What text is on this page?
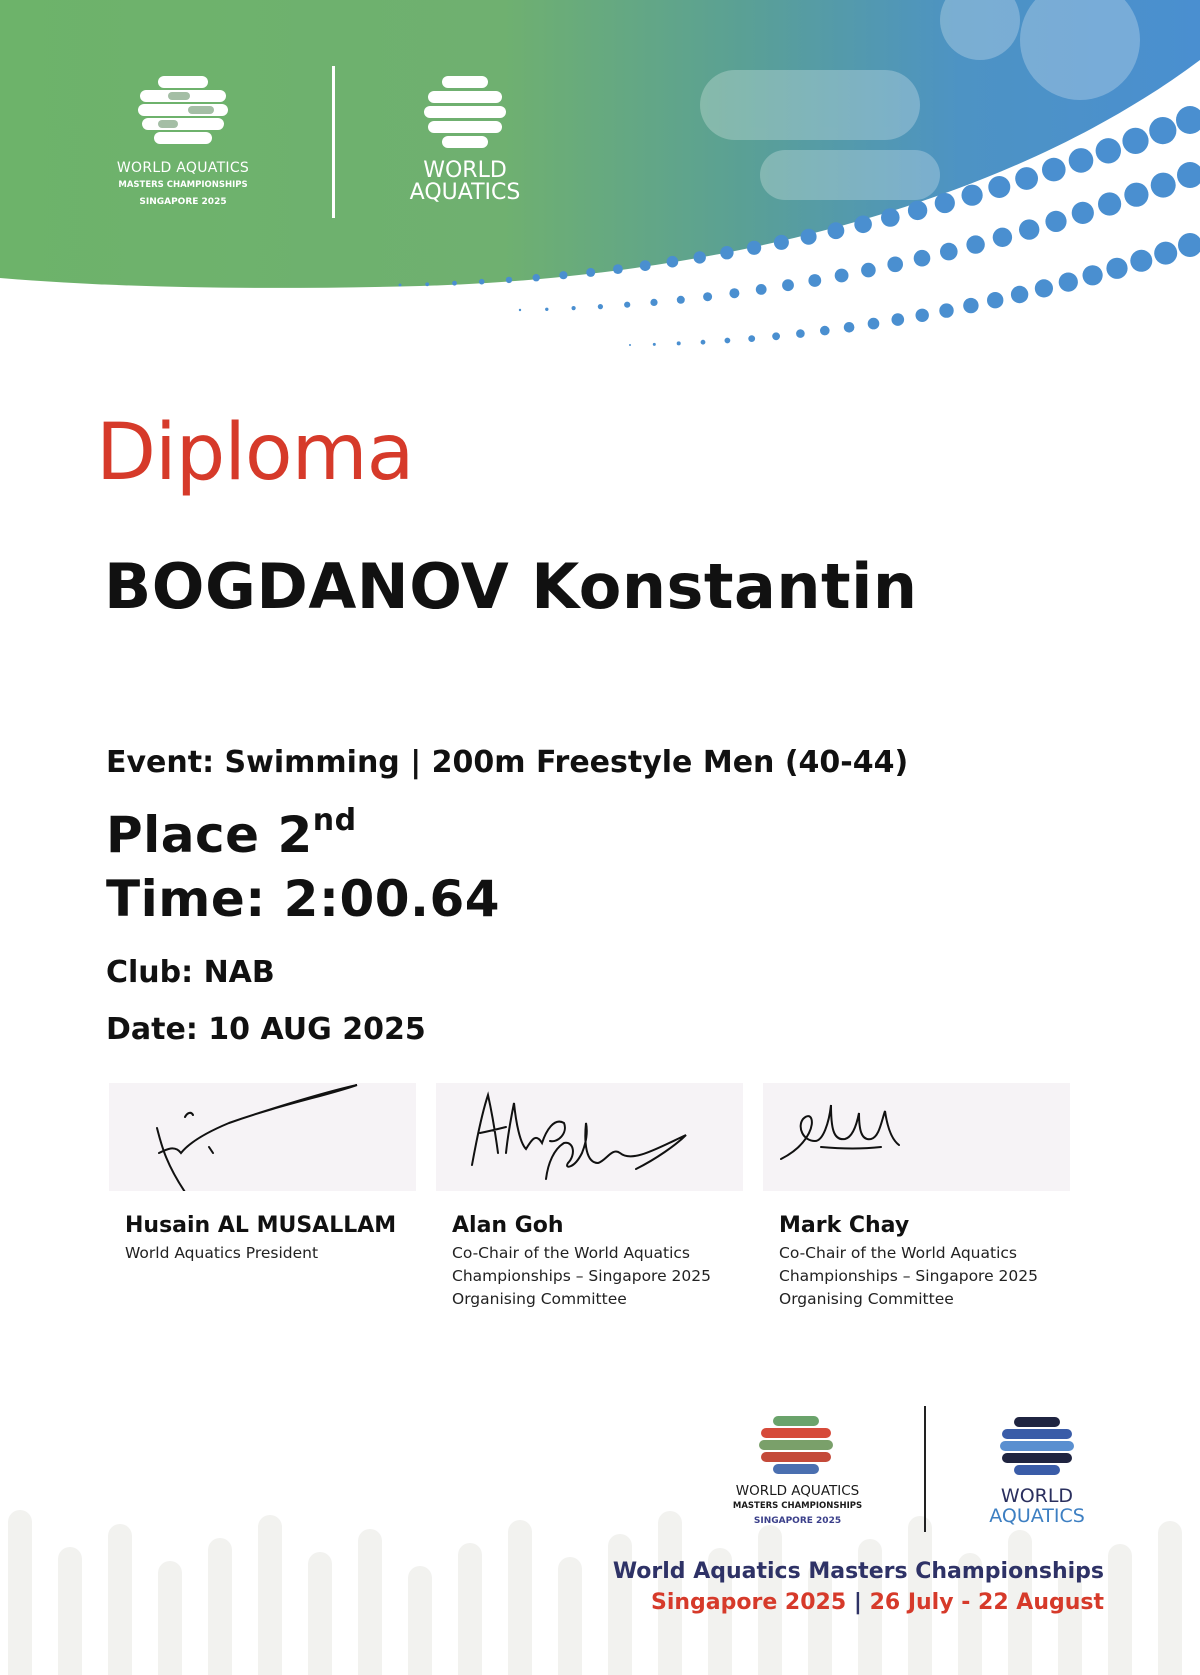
WORLD AQUATICS
MASTERS CHAMPIONSHIPS
SINGAPORE 2025
WORLD
AQUATICS
Diploma
BOGDANOV Konstantin
Event: Swimming | 200m Freestyle Men (40-44)
Place 2nd
Time: 2:00.64
Club: NAB
Date: 10 AUG 2025
Husain AL MUSALLAM
World Aquatics President
Alan Goh
Co-Chair of the World Aquatics
Championships – Singapore 2025
Organising Committee
Mark Chay
Co-Chair of the World Aquatics
Championships – Singapore 2025
Organising Committee
WORLD AQUATICS
MASTERS CHAMPIONSHIPS
SINGAPORE 2025
WORLD
AQUATICS
World Aquatics Masters Championships
Singapore 2025 | 26 July - 22 August
